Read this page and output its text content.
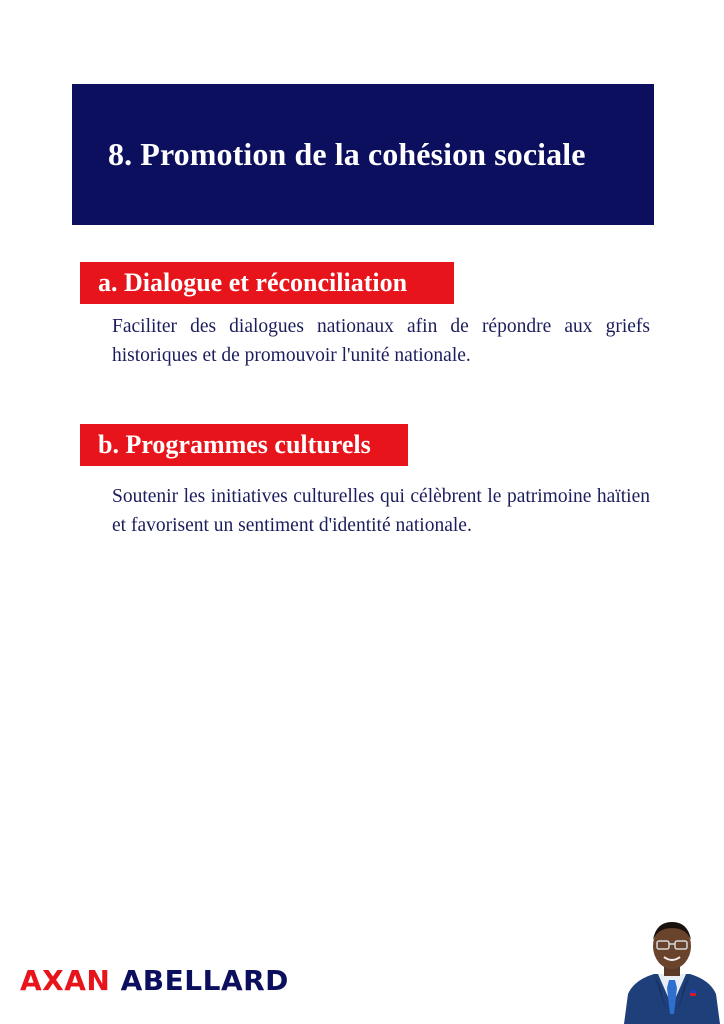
8. Promotion de la cohésion sociale
a. Dialogue et réconciliation

Faciliter des dialogues nationaux afin de répondre aux griefs historiques et de promouvoir l'unité nationale.

b. Programmes culturels

Soutenir les initiatives culturelles qui célèbrent le patrimoine haïtien et favorisent un sentiment d'identité nationale.

AXAN ABELLARD
